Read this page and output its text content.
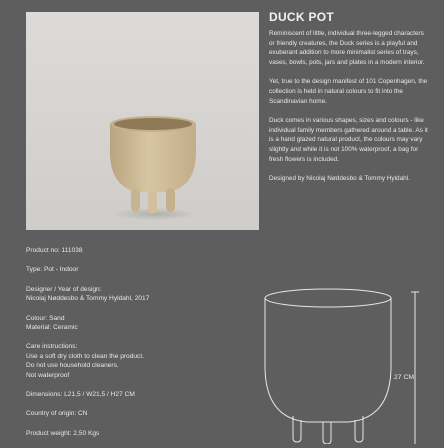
DUCK POT

Reminiscent of little, individual three-legged characters or friendly creatures, the Duck series is a playful and exuberant addition to more minimalist series of trays, vases, bowls, pots, jars and plates in a modern interior.

Yet, true to the design manifest of 101 Copenhagen, the collection is held in natural colours to fit into the Scandinavian home.

Duck comes in various shapes, sizes and colours - like individual family members gathered around a table. As it is a hand glazed natural product, the colours may vary slightly and while it is not 100% waterproof, a bag for fresh flowers is included.

Designed by Nicolaj Nøddesbo & Tommy Hyldahl.

Product no: 111038
Type: Pot - Indoor
Designer / Year of design:
Nicolaj Nøddesbo & Tommy Hyldahl, 2017
Colour: Sand
Material: Ceramic
Care instructions:
Use a soft dry cloth to clean the product.
Do not use household cleaners.
Not waterproof
Dimensions: L21,5 / W21,5 / H27 CM
Country of origin: CN
Product weight: 2,50 Kgs
27 CM
